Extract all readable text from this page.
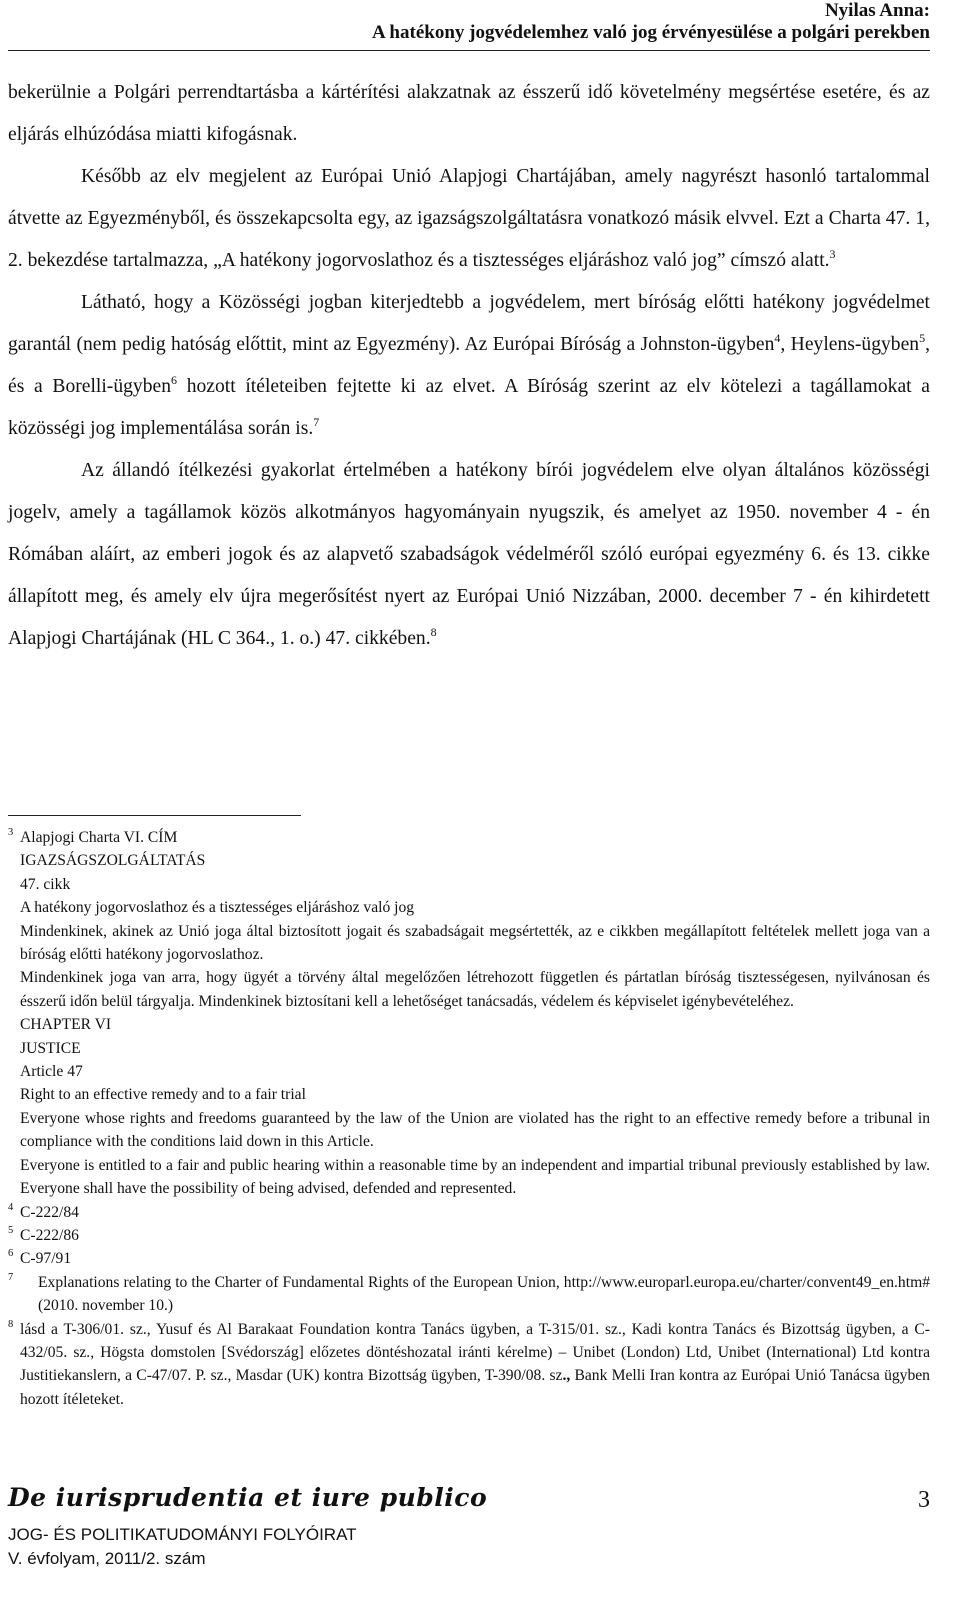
Nyilas Anna:
A hatékony jogvédelemhez való jog érvényesülése a polgári perekben

bekerülnie a Polgári perrendtartásba a kártérítési alakzatnak az ésszerű idő követelmény megsértése esetére, és az eljárás elhúzódása miatti kifogásnak.

Később az elv megjelent az Európai Unió Alapjogi Chartájában, amely nagyrészt hasonló tartalommal átvette az Egyezményből, és összekapcsolta egy, az igazságszolgáltatásra vonatkozó másik elvvel. Ezt a Charta 47. 1, 2. bekezdése tartalmazza, „A hatékony jogorvoslathoz és a tisztességes eljáráshoz való jog” címszó alatt.$^3$

Látható, hogy a Közösségi jogban kiterjedtebb a jogvédelem, mert bíróság előtti hatékony jogvédelmet garantál (nem pedig hatóság előttit, mint az Egyezmény). Az Európai Bíróság a Johnston-ügyben$^4$, Heylens-ügyben$^5$, és a Borelli-ügyben$^6$ hozott ítéleteiben fejtette ki az elvet. A Bíróság szerint az elv kötelezi a tagállamokat a közösségi jog implementálása során is.$^7$

Az állandó ítélkezési gyakorlat értelmében a hatékony bírói jogvédelem elve olyan általános közösségi jogelv, amely a tagállamok közös alkotmányos hagyományain nyugszik, és amelyet az 1950. november 4 - én Rómában aláírt, az emberi jogok és az alapvető szabadságok védelméről szóló európai egyezmény 6. és 13. cikke állapított meg, és amely elv újra megerősítést nyert az Európai Unió Nizzában, 2000. december 7 - én kihirdetett Alapjogi Chartájának (HL C 364., 1. o.) 47. cikkében.$^8$

3 Alapjogi Charta VI. CÍM

IGAZSÁGSZOLGÁLTATÁS

47. cikk

A hatékony jogorvoslathoz és a tisztességes eljáráshoz való jog

Mindenkinek, akinek az Unió joga által biztosított jogait és szabadságait megsértették, az e cikkben megállapított feltételek mellett joga van a bíróság előtti hatékony jogorvoslathoz.

Mindenkinek joga van arra, hogy ügyét a törvény által megelőzően létrehozott független és pártatlan bíróság tisztességesen, nyilvánosan és ésszerű időn belül tárgyalja. Mindenkinek biztosítani kell a lehetőséget tanácsadás, védelem és képviselet igénybevételéhez.

CHAPTER VI

JUSTICE

Article 47

Right to an effective remedy and to a fair trial

Everyone whose rights and freedoms guaranteed by the law of the Union are violated has the right to an effective remedy before a tribunal in compliance with the conditions laid down in this Article.

Everyone is entitled to a fair and public hearing within a reasonable time by an independent and impartial tribunal previously established by law. Everyone shall have the possibility of being advised, defended and represented.

4 C-222/84

5 C-222/86

6 C-97/91

7 Explanations relating to the Charter of Fundamental Rights of the European Union, http://www.europarl.europa.eu/charter/convent49_en.htm# (2010. november 10.)

8 lásd a T-306/01. sz., Yusuf és Al Barakaat Foundation kontra Tanács ügyben, a T-315/01. sz., Kadi kontra Tanács és Bizottság ügyben, a C-432/05. sz., Högsta domstolen [Svédország] előzetes döntéshozatal iránti kérelme) – Unibet (London) Ltd, Unibet (International) Ltd kontra Justitiekanslern, a C-47/07. P. sz., Masdar (UK) kontra Bizottság ügyben, T-390/08. sz., Bank Melli Iran kontra az Európai Unió Tanácsa ügyben hozott ítéleteket.

De iurisprudentia et iure publico	3
JOG- ÉS POLITIKATUDOMÁNYI FOLYÓIRAT
V. évfolyam, 2011/2. szám
